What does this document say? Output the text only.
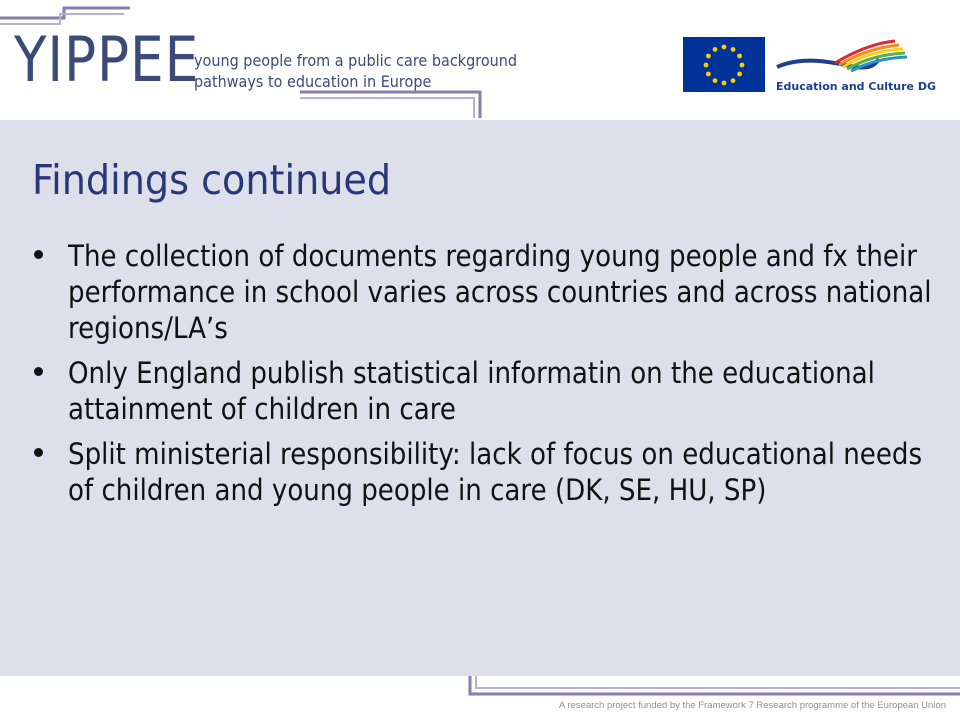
YIPPEE
young people from a public care background
pathways to education in Europe	Education and Culture DG
Findings continued
The collection of documents regarding young people and fx their performance in school varies across countries and across national regions/LA’s
Only England publish statistical informatin on the educational attainment of children in care
Split ministerial responsibility: lack of focus on educational needs of children and young people in care (DK, SE, HU, SP)
A research project funded by the Framework 7 Research programme of the European Union
